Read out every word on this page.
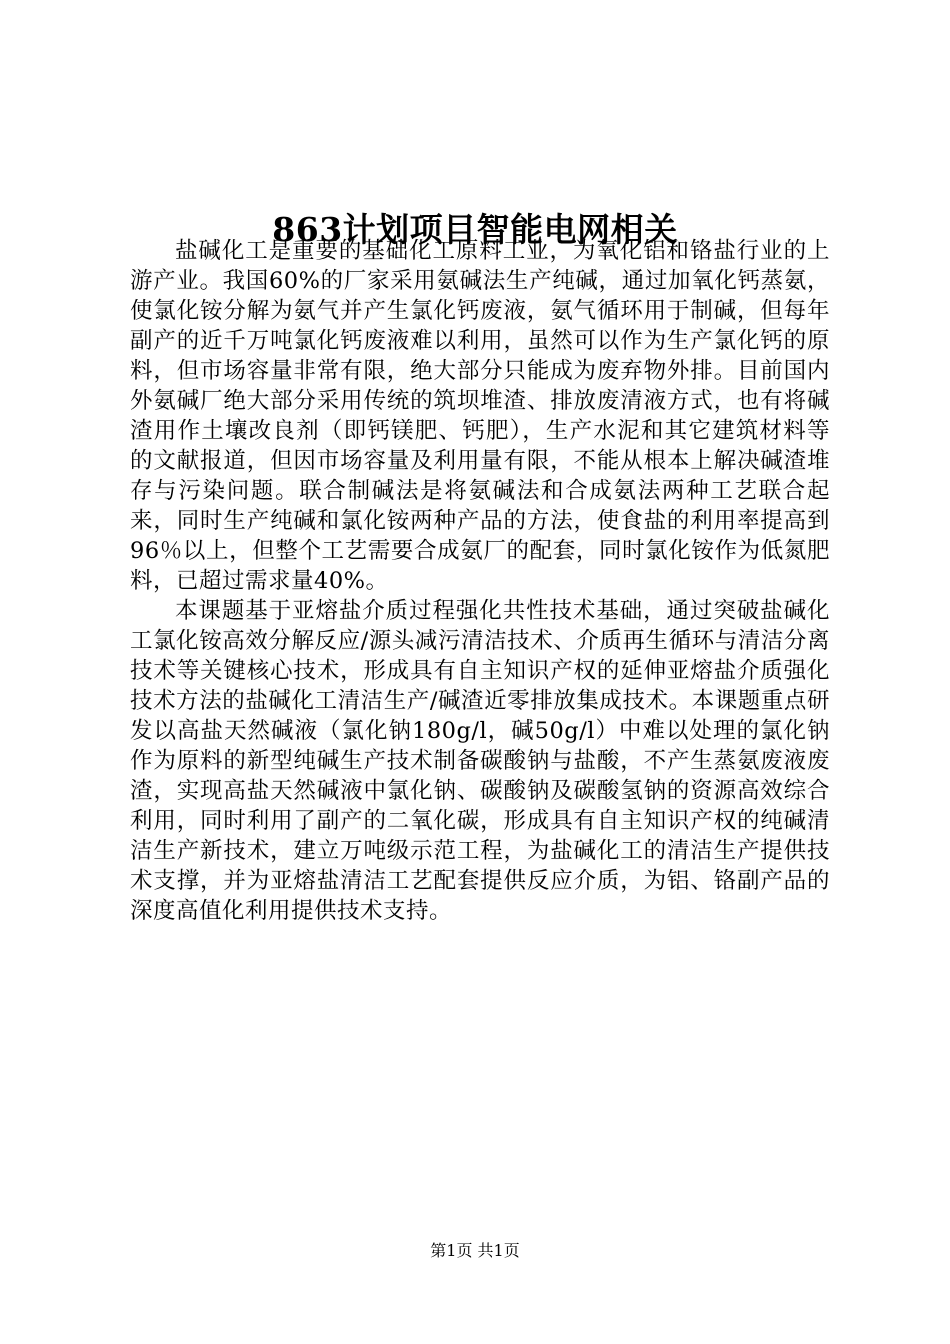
863计划项目智能电网相关

盐碱化工是重要的基础化工原料工业，为氧化铝和铬盐行业的上游产业。我国60%的厂家采用氨碱法生产纯碱，通过加氧化钙蒸氨，使氯化铵分解为氨气并产生氯化钙废液，氨气循环用于制碱，但每年副产的近千万吨氯化钙废液难以利用，虽然可以作为生产氯化钙的原料，但市场容量非常有限，绝大部分只能成为废弃物外排。目前国内外氨碱厂绝大部分采用传统的筑坝堆渣、排放废清液方式，也有将碱渣用作土壤改良剂（即钙镁肥、钙肥），生产水泥和其它建筑材料等的文献报道，但因市场容量及利用量有限，不能从根本上解决碱渣堆存与污染问题。联合制碱法是将氨碱法和合成氨法两种工艺联合起来，同时生产纯碱和氯化铵两种产品的方法，使食盐的利用率提高到96％以上，但整个工艺需要合成氨厂的配套，同时氯化铵作为低氮肥料，已超过需求量40%。

本课题基于亚熔盐介质过程强化共性技术基础，通过突破盐碱化工氯化铵高效分解反应/源头减污清洁技术、介质再生循环与清洁分离技术等关键核心技术，形成具有自主知识产权的延伸亚熔盐介质强化技术方法的盐碱化工清洁生产/碱渣近零排放集成技术。本课题重点研发以高盐天然碱液（氯化钠180g/l，碱50g/l）中难以处理的氯化钠作为原料的新型纯碱生产技术制备碳酸钠与盐酸，不产生蒸氨废液废渣，实现高盐天然碱液中氯化钠、碳酸钠及碳酸氢钠的资源高效综合利用，同时利用了副产的二氧化碳，形成具有自主知识产权的纯碱清洁生产新技术，建立万吨级示范工程，为盐碱化工的清洁生产提供技术支撑，并为亚熔盐清洁工艺配套提供反应介质，为铝、铬副产品的深度高值化利用提供技术支持。

第1页 共1页
